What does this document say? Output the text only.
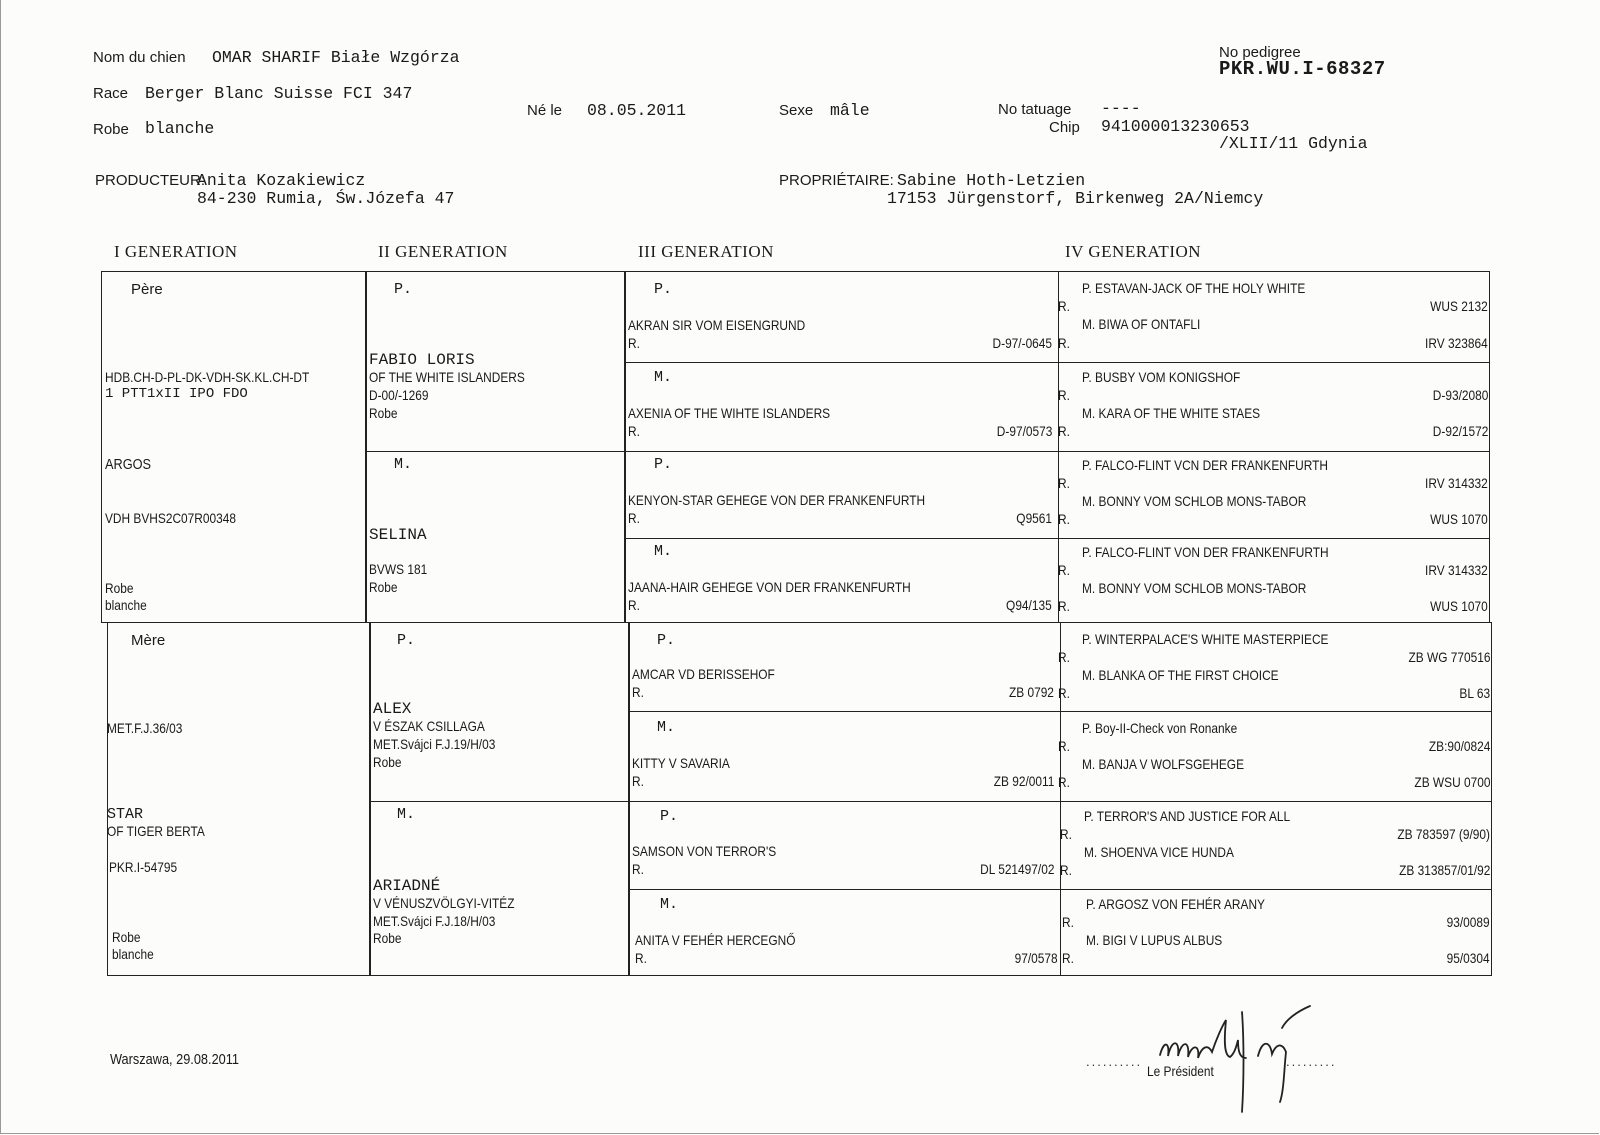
Nom du chien OMAR SHARIF Białe Wzgórza
Race Berger Blanc Suisse FCI 347
Robe blanche
Né le 08.05.2011	Sexe mâle
No pedigree
PKR.WU.I-68327
No tatuage ----
Chip 941000013230653
/XLII/11 Gdynia
PRODUCTEUR:
Anita Kozakiewicz
84-230 Rumia, Św.Józefa 47
PROPRIÉTAIRE: Sabine Hoth-Letzien
17153 Jürgenstorf, Birkenweg 2A/Niemcy
I GENERATION	II GENERATION	III GENERATION	IV GENERATION
Père
HDB.CH-D-PL-DK-VDH-SK.KL.CH-DT
1 PTT1xII IPO FDO
ARGOS
VDH BVHS2C07R00348
Robe
blanche
Mère
MET.F.J.36/03
STAR
OF TIGER BERTA
PKR.I-54795
Robe
blanche
P.
FABIO LORIS
OF THE WHITE ISLANDERS
D-00/-1269
Robe
M.
SELINA
BVWS 181
Robe
P.
ALEX
V ÉSZAK CSILLAGA
MET.Svájci F.J.19/H/03
Robe
M.
ARIADNÉ
V VÉNUSZVÖLGYI-VITÉZ
MET.Svájci F.J.18/H/03
Robe
P.
AKRAN SIR VOM EISENGRUND
R.	D-97/-0645
M.
AXENIA OF THE WIHTE ISLANDERS
R.	D-97/0573
P.
KENYON-STAR GEHEGE VON DER FRANKENFURTH
R.	Q9561
M.
JAANA-HAIR GEHEGE VON DER FRANKENFURTH
R.	Q94/135
P.
AMCAR VD BERISSEHOF
R.	ZB 0792
M.
KITTY V SAVARIA
R.	ZB 92/0011
P.
SAMSON VON TERROR'S
R.	DL 521497/02
M.
ANITA V FEHÉR HERCEGNŐ
R.	97/0578
P. ESTAVAN-JACK OF THE HOLY WHITE
R.	WUS 2132
M. BIWA OF ONTAFLI
R.	IRV 323864
P. BUSBY VOM KONIGSHOF
R.	D-93/2080
M. KARA OF THE WHITE STAES
R.	D-92/1572
P. FALCO-FLINT VCN DER FRANKENFURTH
R.	IRV 314332
M. BONNY VOM SCHLOB MONS-TABOR
R.	WUS 1070
P. FALCO-FLINT VON DER FRANKENFURTH
R.	IRV 314332
M. BONNY VOM SCHLOB MONS-TABOR
R.	WUS 1070
P. WINTERPALACE'S WHITE MASTERPIECE
R.	ZB WG 770516
M. BLANKA OF THE FIRST CHOICE
R.	BL 63
P. Boy-II-Check von Ronanke
R.	ZB:90/0824
M. BANJA V WOLFSGEHEGE
R.	ZB WSU 0700
P. TERROR'S AND JUSTICE FOR ALL
R.	ZB 783597 (9/90)
M. SHOENVA VICE HUNDA
R.	ZB 313857/01/92
P. ARGOSZ VON FEHÉR ARANY
R.	93/0089
M. BIGI V LUPUS ALBUS
R.	95/0304
Warszawa, 29.08.2011	..........	.........
Le Président
